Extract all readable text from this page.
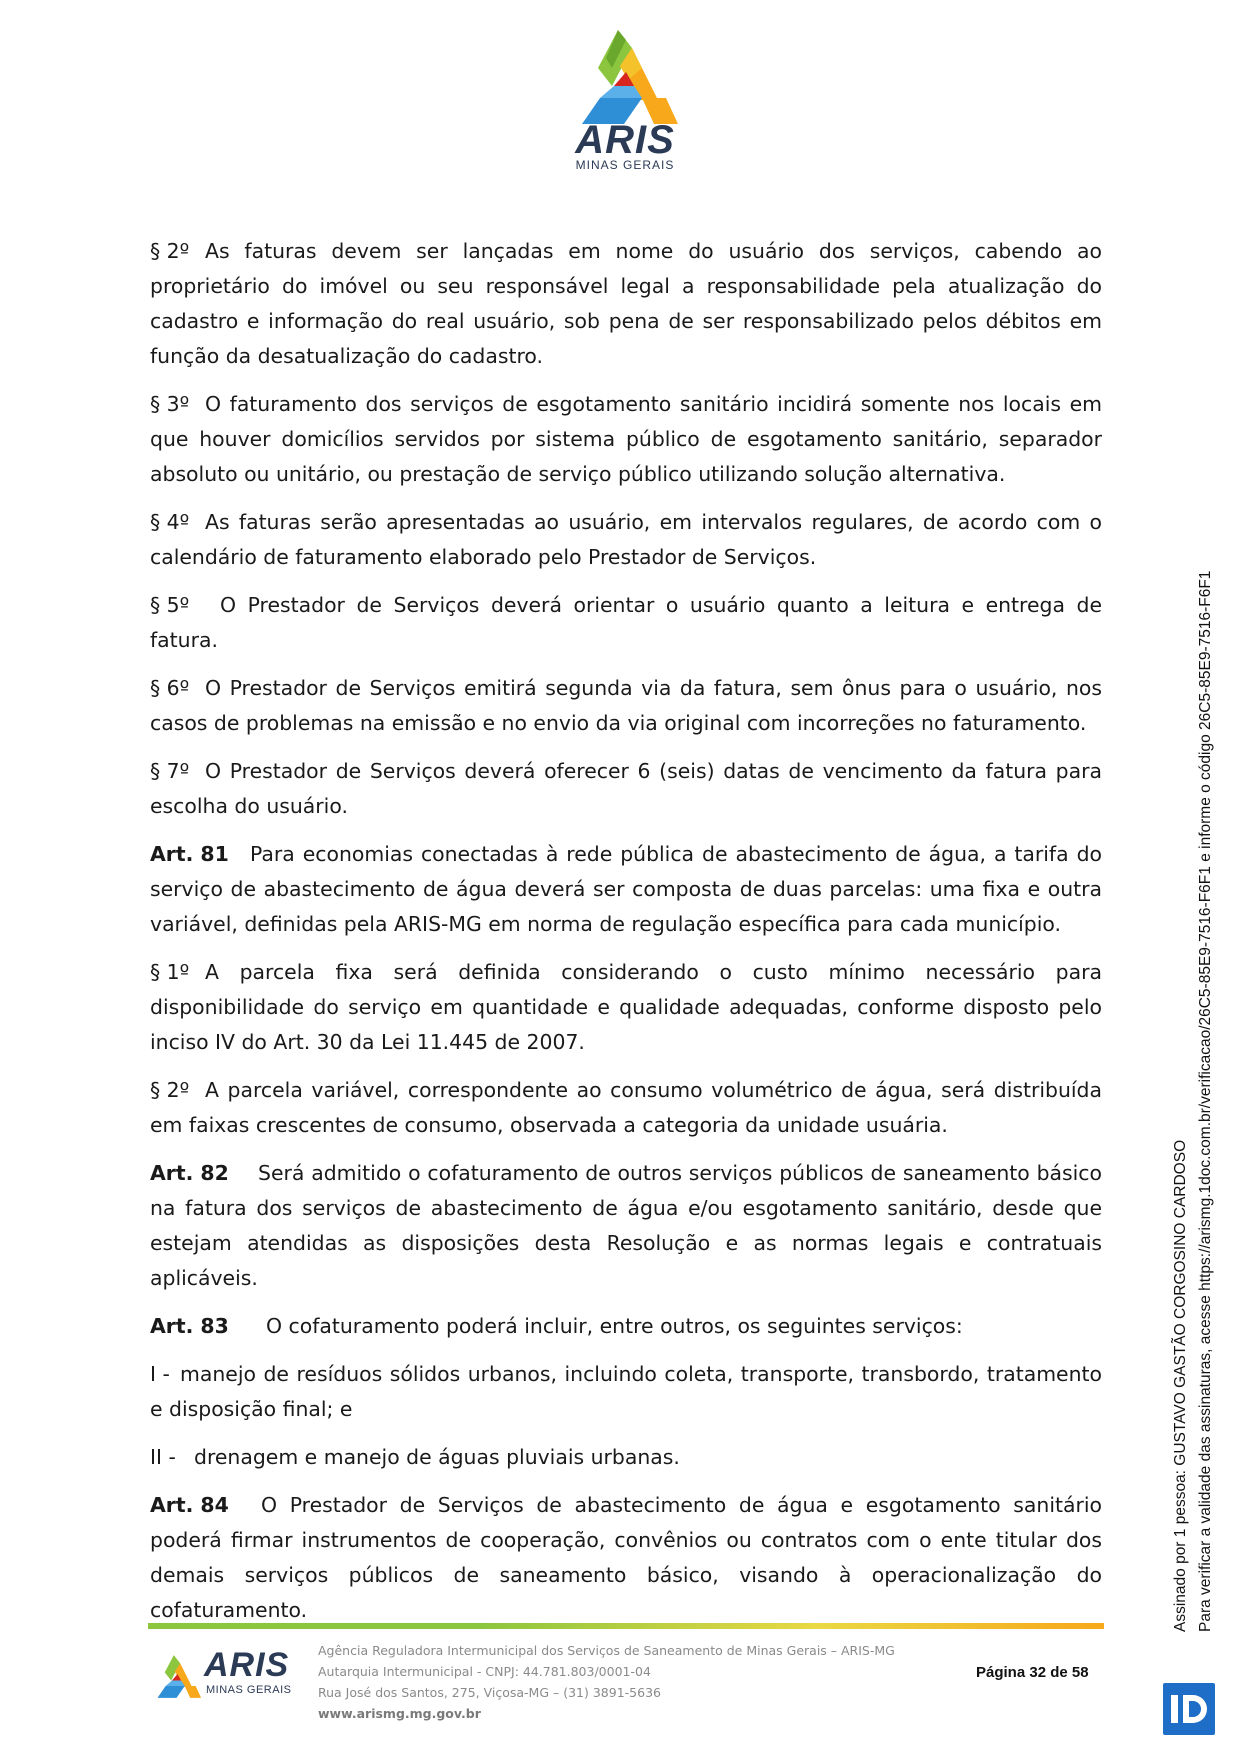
ARIS
MINAS GERAIS

§ 2º As faturas devem ser lançadas em nome do usuário dos serviços, cabendo ao proprietário do imóvel ou seu responsável legal a responsabilidade pela atualização do cadastro e informação do real usuário, sob pena de ser responsabilizado pelos débitos em função da desatualização do cadastro.

§ 3º O faturamento dos serviços de esgotamento sanitário incidirá somente nos locais em que houver domicílios servidos por sistema público de esgotamento sanitário, separador absoluto ou unitário, ou prestação de serviço público utilizando solução alternativa.

§ 4º As faturas serão apresentadas ao usuário, em intervalos regulares, de acordo com o calendário de faturamento elaborado pelo Prestador de Serviços.

§ 5º O Prestador de Serviços deverá orientar o usuário quanto a leitura e entrega de fatura.

§ 6º O Prestador de Serviços emitirá segunda via da fatura, sem ônus para o usuário, nos casos de problemas na emissão e no envio da via original com incorreções no faturamento.

§ 7º O Prestador de Serviços deverá oferecer 6 (seis) datas de vencimento da fatura para escolha do usuário.

Art. 81 Para economias conectadas à rede pública de abastecimento de água, a tarifa do serviço de abastecimento de água deverá ser composta de duas parcelas: uma fixa e outra variável, definidas pela ARIS-MG em norma de regulação específica para cada município.

§ 1º A parcela fixa será definida considerando o custo mínimo necessário para disponibilidade do serviço em quantidade e qualidade adequadas, conforme disposto pelo inciso IV do Art. 30 da Lei 11.445 de 2007.

§ 2º A parcela variável, correspondente ao consumo volumétrico de água, será distribuída em faixas crescentes de consumo, observada a categoria da unidade usuária.

Art. 82 Será admitido o cofaturamento de outros serviços públicos de saneamento básico na fatura dos serviços de abastecimento de água e/ou esgotamento sanitário, desde que estejam atendidas as disposições desta Resolução e as normas legais e contratuais aplicáveis.

Art. 83 O cofaturamento poderá incluir, entre outros, os seguintes serviços:

I - manejo de resíduos sólidos urbanos, incluindo coleta, transporte, transbordo, tratamento e disposição final; e

II - drenagem e manejo de águas pluviais urbanas.

Art. 84 O Prestador de Serviços de abastecimento de água e esgotamento sanitário poderá firmar instrumentos de cooperação, convênios ou contratos com o ente titular dos demais serviços públicos de saneamento básico, visando à operacionalização do cofaturamento.	Assinado por 1 pessoa: GUSTAVO GASTÃO CORGOSINO CARDOSO Para verificar a validade das assinaturas, acesse https://arismg.1doc.com.br/verificacao/26C5-85E9-7516-F6F1 e informe o código 26C5-85E9-7516-F6F1
ARIS
MINAS GERAIS
Agência Reguladora Intermunicipal dos Serviços de Saneamento de Minas Gerais – ARIS-MG
Autarquia Intermunicipal - CNPJ: 44.781.803/0001-04
Rua José dos Santos, 275, Viçosa-MG – (31) 3891-5636
www.arismg.mg.gov.br
Página 32 de 58
